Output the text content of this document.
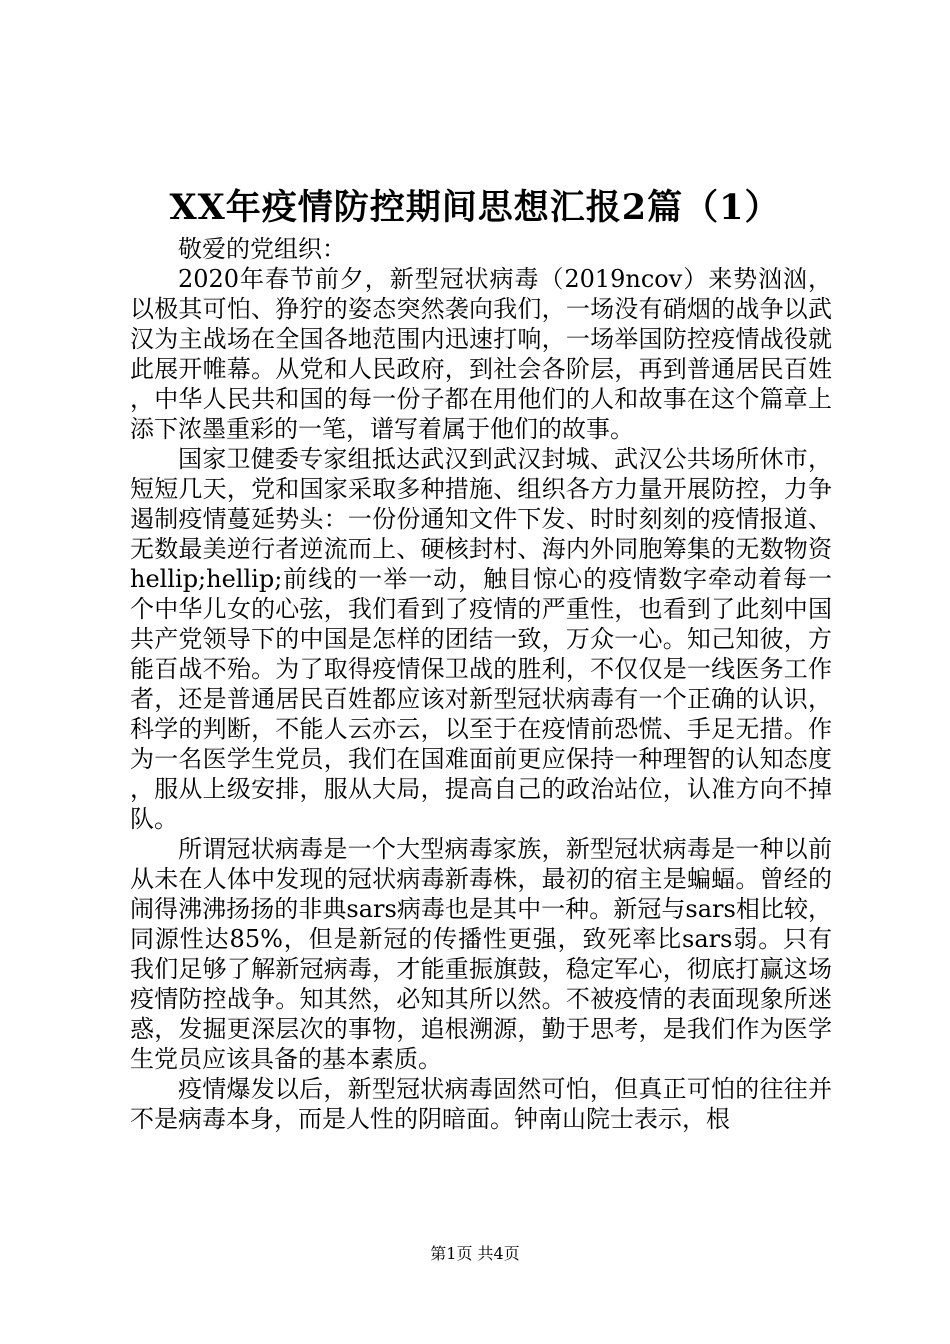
XX年疫情防控期间思想汇报2篇（1）

敬爱的党组织：

2020年春节前夕，新型冠状病毒（2019ncov）来势汹汹，以极其可怕、狰狞的姿态突然袭向我们，一场没有硝烟的战争以武汉为主战场在全国各地范围内迅速打响，一场举国防控疫情战役就此展开帷幕。从党和人民政府，到社会各阶层，再到普通居民百姓，中华人民共和国的每一份子都在用他们的人和故事在这个篇章上添下浓墨重彩的一笔，谱写着属于他们的故事。

国家卫健委专家组抵达武汉到武汉封城、武汉公共场所休市，短短几天，党和国家采取多种措施、组织各方力量开展防控，力争遏制疫情蔓延势头：一份份通知文件下发、时时刻刻的疫情报道、无数最美逆行者逆流而上、硬核封村、海内外同胞筹集的无数物资hellip;hellip;前线的一举一动，触目惊心的疫情数字牵动着每一个中华儿女的心弦，我们看到了疫情的严重性，也看到了此刻中国共产党领导下的中国是怎样的团结一致，万众一心。知己知彼，方能百战不殆。为了取得疫情保卫战的胜利，不仅仅是一线医务工作者，还是普通居民百姓都应该对新型冠状病毒有一个正确的认识，科学的判断，不能人云亦云，以至于在疫情前恐慌、手足无措。作为一名医学生党员，我们在国难面前更应保持一种理智的认知态度，服从上级安排，服从大局，提高自己的政治站位，认准方向不掉队。

所谓冠状病毒是一个大型病毒家族，新型冠状病毒是一种以前从未在人体中发现的冠状病毒新毒株，最初的宿主是蝙蝠。曾经的闹得沸沸扬扬的非典sars病毒也是其中一种。新冠与sars相比较，同源性达85%，但是新冠的传播性更强，致死率比sars弱。只有我们足够了解新冠病毒，才能重振旗鼓，稳定军心，彻底打赢这场疫情防控战争。知其然，必知其所以然。不被疫情的表面现象所迷惑，发掘更深层次的事物，追根溯源，勤于思考，是我们作为医学生党员应该具备的基本素质。

疫情爆发以后，新型冠状病毒固然可怕，但真正可怕的往往并不是病毒本身，而是人性的阴暗面。钟南山院士表示，根

第1页 共4页
